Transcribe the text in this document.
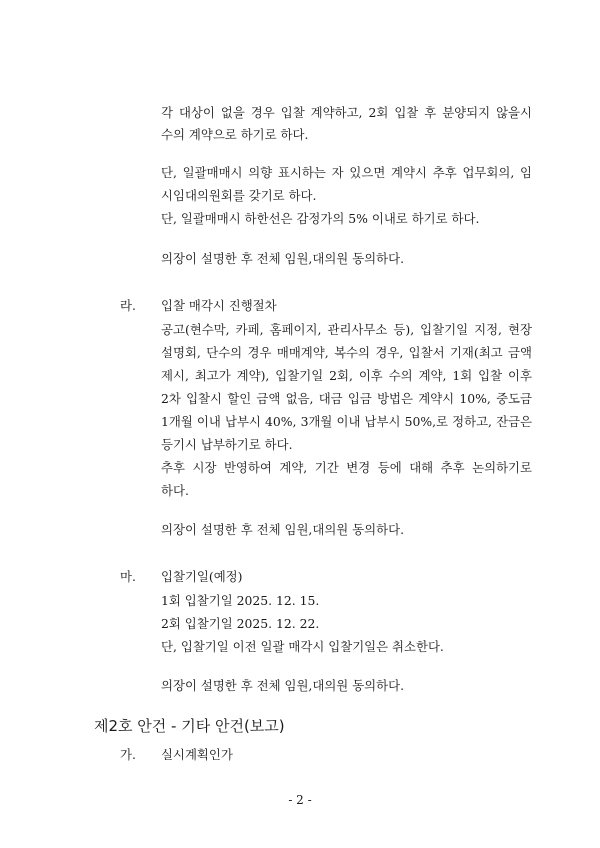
각 대상이 없을 경우 입찰 계약하고, 2회 입찰 후 분양되지 않을시
수의 계약으로 하기로 하다.
단, 일괄매매시 의향 표시하는 자 있으면 계약시 추후 업무회의, 임
시임대의원회를 갖기로 하다.
단, 일괄매매시 하한선은 감정가의 5% 이내로 하기로 하다.
의장이 설명한 후 전체 임원,대의원 동의하다.
라. 입찰 매각시 진행절차
공고(현수막, 카페, 홈페이지, 관리사무소 등), 입찰기일 지정, 현장
설명회, 단수의 경우 매매계약, 복수의 경우, 입찰서 기재(최고 금액
제시, 최고가 계약), 입찰기일 2회, 이후 수의 계약, 1회 입찰 이후
2차 입찰시 할인 금액 없음, 대금 입금 방법은 계약시 10%, 중도금
1개월 이내 납부시 40%, 3개월 이내 납부시 50%,로 정하고, 잔금은
등기시 납부하기로 하다.
추후 시장 반영하여 계약, 기간 변경 등에 대해 추후 논의하기로
하다.
의장이 설명한 후 전체 임원,대의원 동의하다.
마. 입찰기일(예정)
1회 입찰기일 2025. 12. 15.
2회 입찰기일 2025. 12. 22.
단, 입찰기일 이전 일괄 매각시 입찰기일은 취소한다.
의장이 설명한 후 전체 임원,대의원 동의하다.
제2호 안건 - 기타 안건(보고)
가. 실시계획인가
- 2 -
